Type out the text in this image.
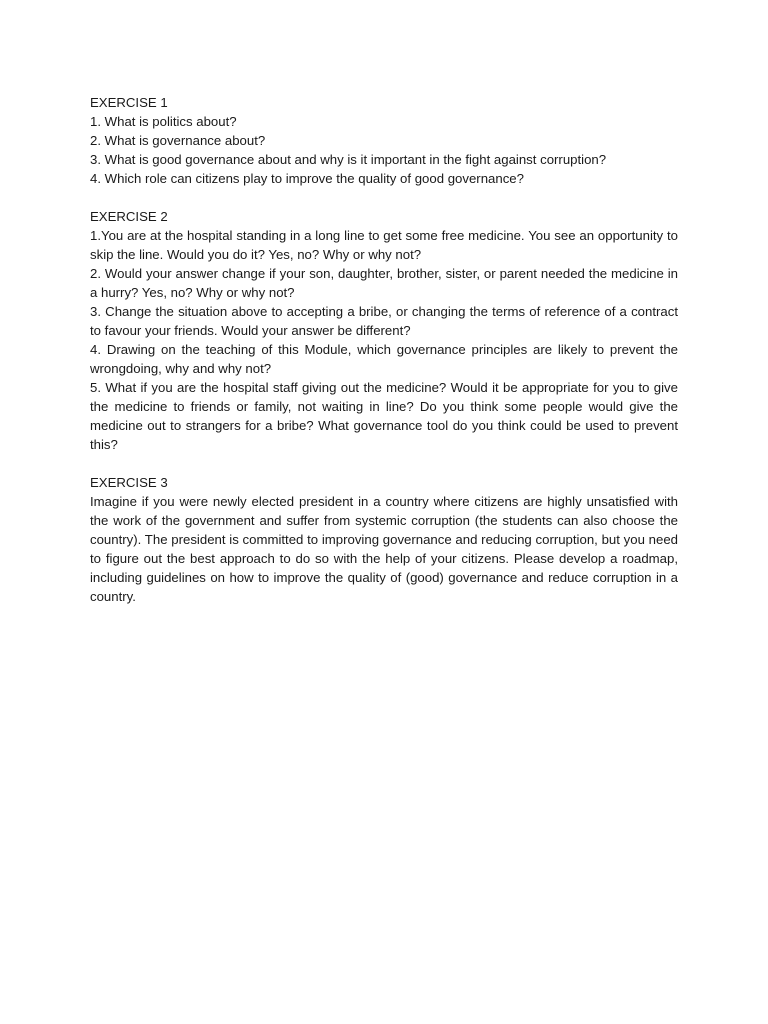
EXERCISE 1
1. What is politics about?
2. What is governance about?
3. What is good governance about and why is it important in the fight against corruption?
4. Which role can citizens play to improve the quality of good governance?
EXERCISE 2
1.You are at the hospital standing in a long line to get some free medicine. You see an opportunity to skip the line. Would you do it? Yes, no? Why or why not?
2. Would your answer change if your son, daughter, brother, sister, or parent needed the medicine in a hurry? Yes, no? Why or why not?
3. Change the situation above to accepting a bribe, or changing the terms of reference of a contract to favour your friends. Would your answer be different?
4. Drawing on the teaching of this Module, which governance principles are likely to prevent the wrongdoing, why and why not?
5. What if you are the hospital staff giving out the medicine? Would it be appropriate for you to give the medicine to friends or family, not waiting in line? Do you think some people would give the medicine out to strangers for a bribe? What governance tool do you think could be used to prevent this?
EXERCISE 3
Imagine if you were newly elected president in a country where citizens are highly unsatisfied with the work of the government and suffer from systemic corruption (the students can also choose the country). The president is committed to improving governance and reducing corruption, but you need to figure out the best approach to do so with the help of your citizens. Please develop a roadmap, including guidelines on how to improve the quality of (good) governance and reduce corruption in a country.
